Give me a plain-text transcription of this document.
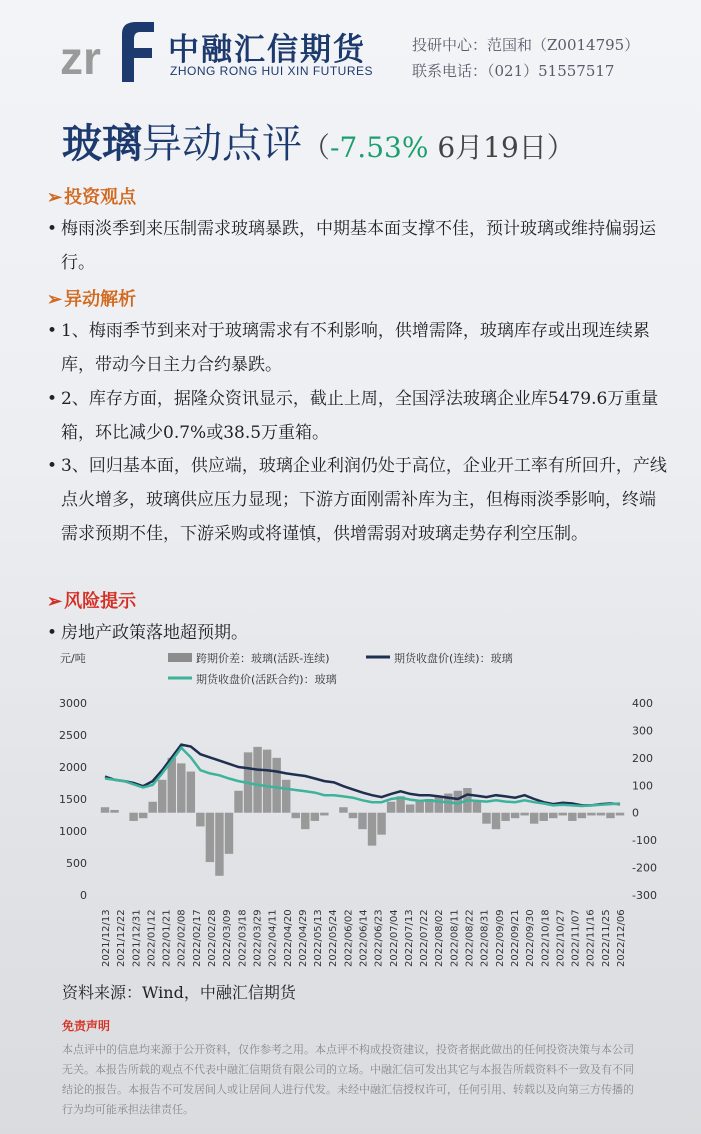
zr 中融汇信期货
ZHONG RONG HUI XIN FUTURES
投研中心：范国和（Z0014795）
联系电话：（021）51557517
玻璃异动点评（-7.53% 6月19日）
➢ 投资观点
• 梅雨淡季到来压制需求玻璃暴跌，中期基本面支撑不佳，预计玻璃或维持偏弱运行。
➢ 异动解析
• 1、梅雨季节到来对于玻璃需求有不利影响，供增需降，玻璃库存或出现连续累库，带动今日主力合约暴跌。
• 2、库存方面，据隆众资讯显示，截止上周，全国浮法玻璃企业库5479.6万重量箱，环比减少0.7%或38.5万重箱。
• 3、回归基本面，供应端，玻璃企业利润仍处于高位，企业开工率有所回升，产线点火增多，玻璃供应压力显现；下游方面刚需补库为主，但梅雨淡季影响，终端需求预期不佳，下游采购或将谨慎，供增需弱对玻璃走势存利空压制。
➢ 风险提示
• 房地产政策落地超预期。
元/吨	跨期价差：玻璃(活跃-连续)	期货收盘价(连续)：玻璃
期货收盘价(活跃合约)：玻璃
3000
2500
2000
1500
1000
500
0
400
300
200
100
0
-100
-200
-300
2021/12/13 2021/12/22 2021/12/31 2022/01/12 2022/01/21 2022/02/08 2022/02/17 2022/02/28 2022/03/09 2022/03/18 2022/03/29 2022/04/11 2022/04/20 2022/04/29 2022/05/13 2022/05/24 2022/06/02 2022/06/14 2022/06/23 2022/07/04 2022/07/13 2022/07/22 2022/08/02 2022/08/11 2022/08/22 2022/08/31 2022/09/09 2022/09/21 2022/09/30 2022/10/18 2022/10/27 2022/11/07 2022/11/16 2022/11/25 2022/12/06
资料来源：Wind，中融汇信期货
免责声明
本点评中的信息均来源于公开资料，仅作参考之用。本点评不构成投资建议，投资者据此做出的任何投资决策与本公司无关。本报告所载的观点不代表中融汇信期货有限公司的立场。中融汇信可发出其它与本报告所载资料不一致及有不同结论的报告。本报告不可发居间人或让居间人进行代发。未经中融汇信授权许可，任何引用、转载以及向第三方传播的行为均可能承担法律责任。
